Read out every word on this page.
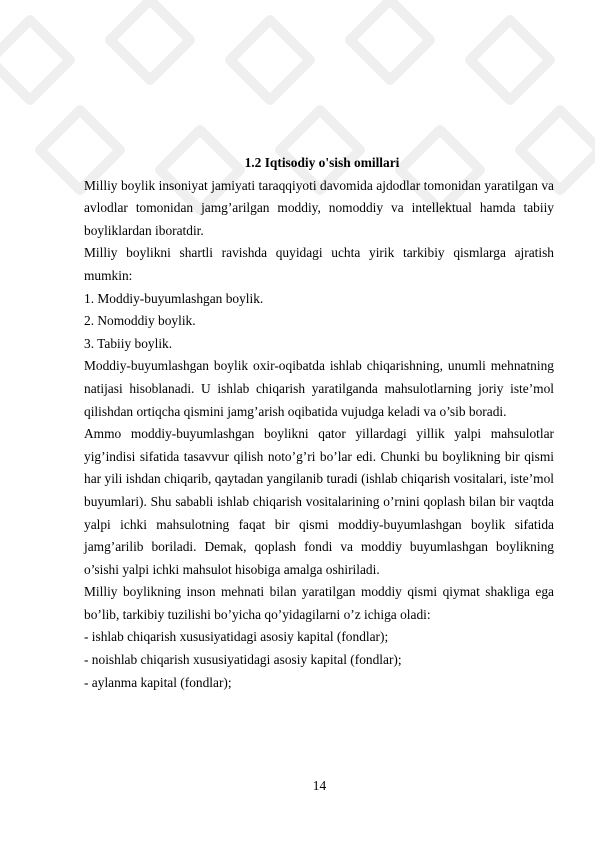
1.2 Iqtisodiy o'sish omillari

Milliy boylik insoniyat jamiyati taraqqiyoti davomida ajdodlar tomonidan yaratilgan va avlodlar tomonidan jamg’arilgan moddiy, nomoddiy va intellektual hamda tabiiy boyliklardan iboratdir.

Milliy boylikni shartli ravishda quyidagi uchta yirik tarkibiy qismlarga ajratish mumkin:

1. Moddiy-buyumlashgan boylik.

2. Nomoddiy boylik.

3. Tabiiy boylik.

Moddiy-buyumlashgan boylik oxir-oqibatda ishlab chiqarishning, unumli mehnatning natijasi hisoblanadi. U ishlab chiqarish yaratilganda mahsulotlarning joriy iste’mol qilishdan ortiqcha qismini jamg’arish oqibatida vujudga keladi va o’sib boradi.

Ammo moddiy-buyumlashgan boylikni qator yillardagi yillik yalpi mahsulotlar yig’indisi sifatida tasavvur qilish noto’g’ri bo’lar edi. Chunki bu boylikning bir qismi har yili ishdan chiqarib, qaytadan yangilanib turadi (ishlab chiqarish vositalari, iste’mol buyumlari). Shu sababli ishlab chiqarish vositalarining o’rnini qoplash bilan bir vaqtda yalpi ichki mahsulotning faqat bir qismi moddiy-buyumlashgan boylik sifatida jamg’arilib boriladi. Demak, qoplash fondi va moddiy buyumlashgan boylikning o’sishi yalpi ichki mahsulot hisobiga amalga oshiriladi.

Milliy boylikning inson mehnati bilan yaratilgan moddiy qismi qiymat shakliga ega bo’lib, tarkibiy tuzilishi bo’yicha qo’yidagilarni o’z ichiga oladi:

- ishlab chiqarish xususiyatidagi asosiy kapital (fondlar);

- noishlab chiqarish xususiyatidagi asosiy kapital (fondlar);

- aylanma kapital (fondlar);

14
